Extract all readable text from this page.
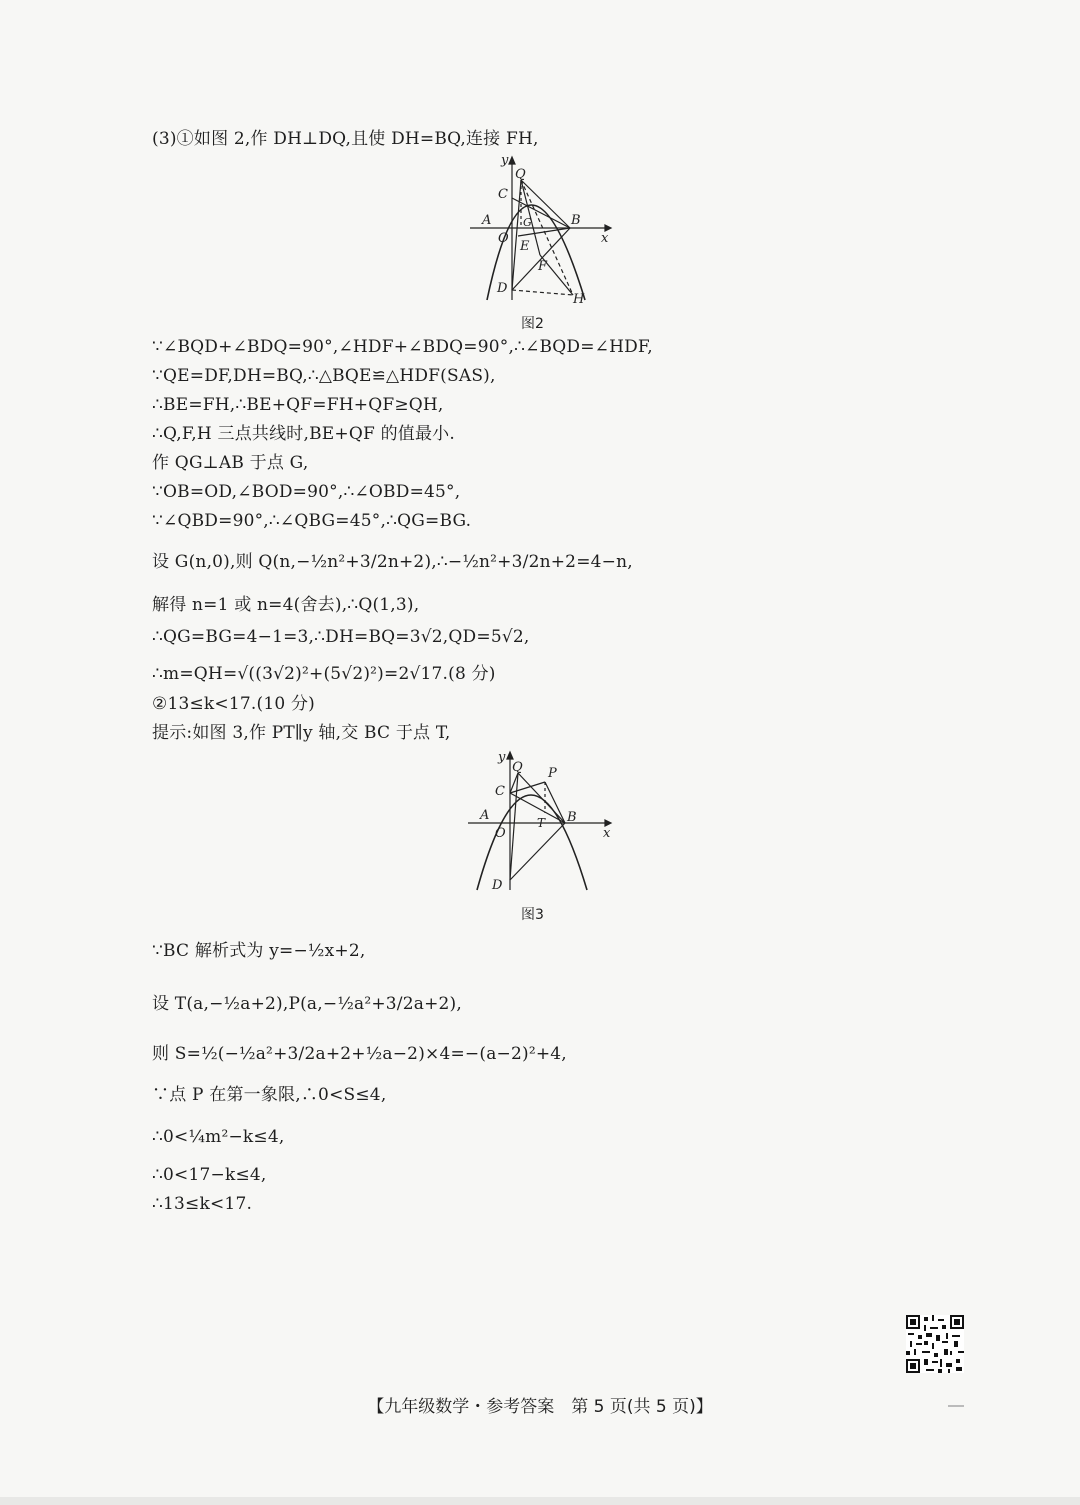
(3)①如图 2,作 DH⊥DQ,且使 DH=BQ,连接 FH,
y
x
Q
C
A	G	B
O
E
F
D
H
图2
∵∠BQD+∠BDQ=90°,∠HDF+∠BDQ=90°,∴∠BQD=∠HDF,
∵QE=DF,DH=BQ,∴△BQE≌△HDF(SAS),
∴BE=FH,∴BE+QF=FH+QF≥QH,
∴Q,F,H 三点共线时,BE+QF 的值最小.
作 QG⊥AB 于点 G,
∵OB=OD,∠BOD=90°,∴∠OBD=45°,
∵∠QBD=90°,∴∠QBG=45°,∴QG=BG.
设 G(n,0),则 Q(n,−½n²+3/2n+2),∴−½n²+3/2n+2=4−n,
解得 n=1 或 n=4(舍去),∴Q(1,3),
∴QG=BG=4−1=3,∴DH=BQ=3√2,QD=5√2,
∴m=QH=√((3√2)²+(5√2)²)=2√17.(8 分)
②13≤k<17.(10 分)
提示:如图 3,作 PT∥y 轴,交 BC 于点 T,
y
x
Q P
C
A	T B
O
D
图3
∵BC 解析式为 y=−½x+2,
设 T(a,−½a+2),P(a,−½a²+3/2a+2),
则 S=½(−½a²+3/2a+2+½a−2)×4=−(a−2)²+4,
∵点 P 在第一象限,∴0<S≤4,
∴0<¼m²−k≤4,
∴0<17−k≤4,
∴13≤k<17.
【九年级数学・参考答案　第 5 页(共 5 页)】
